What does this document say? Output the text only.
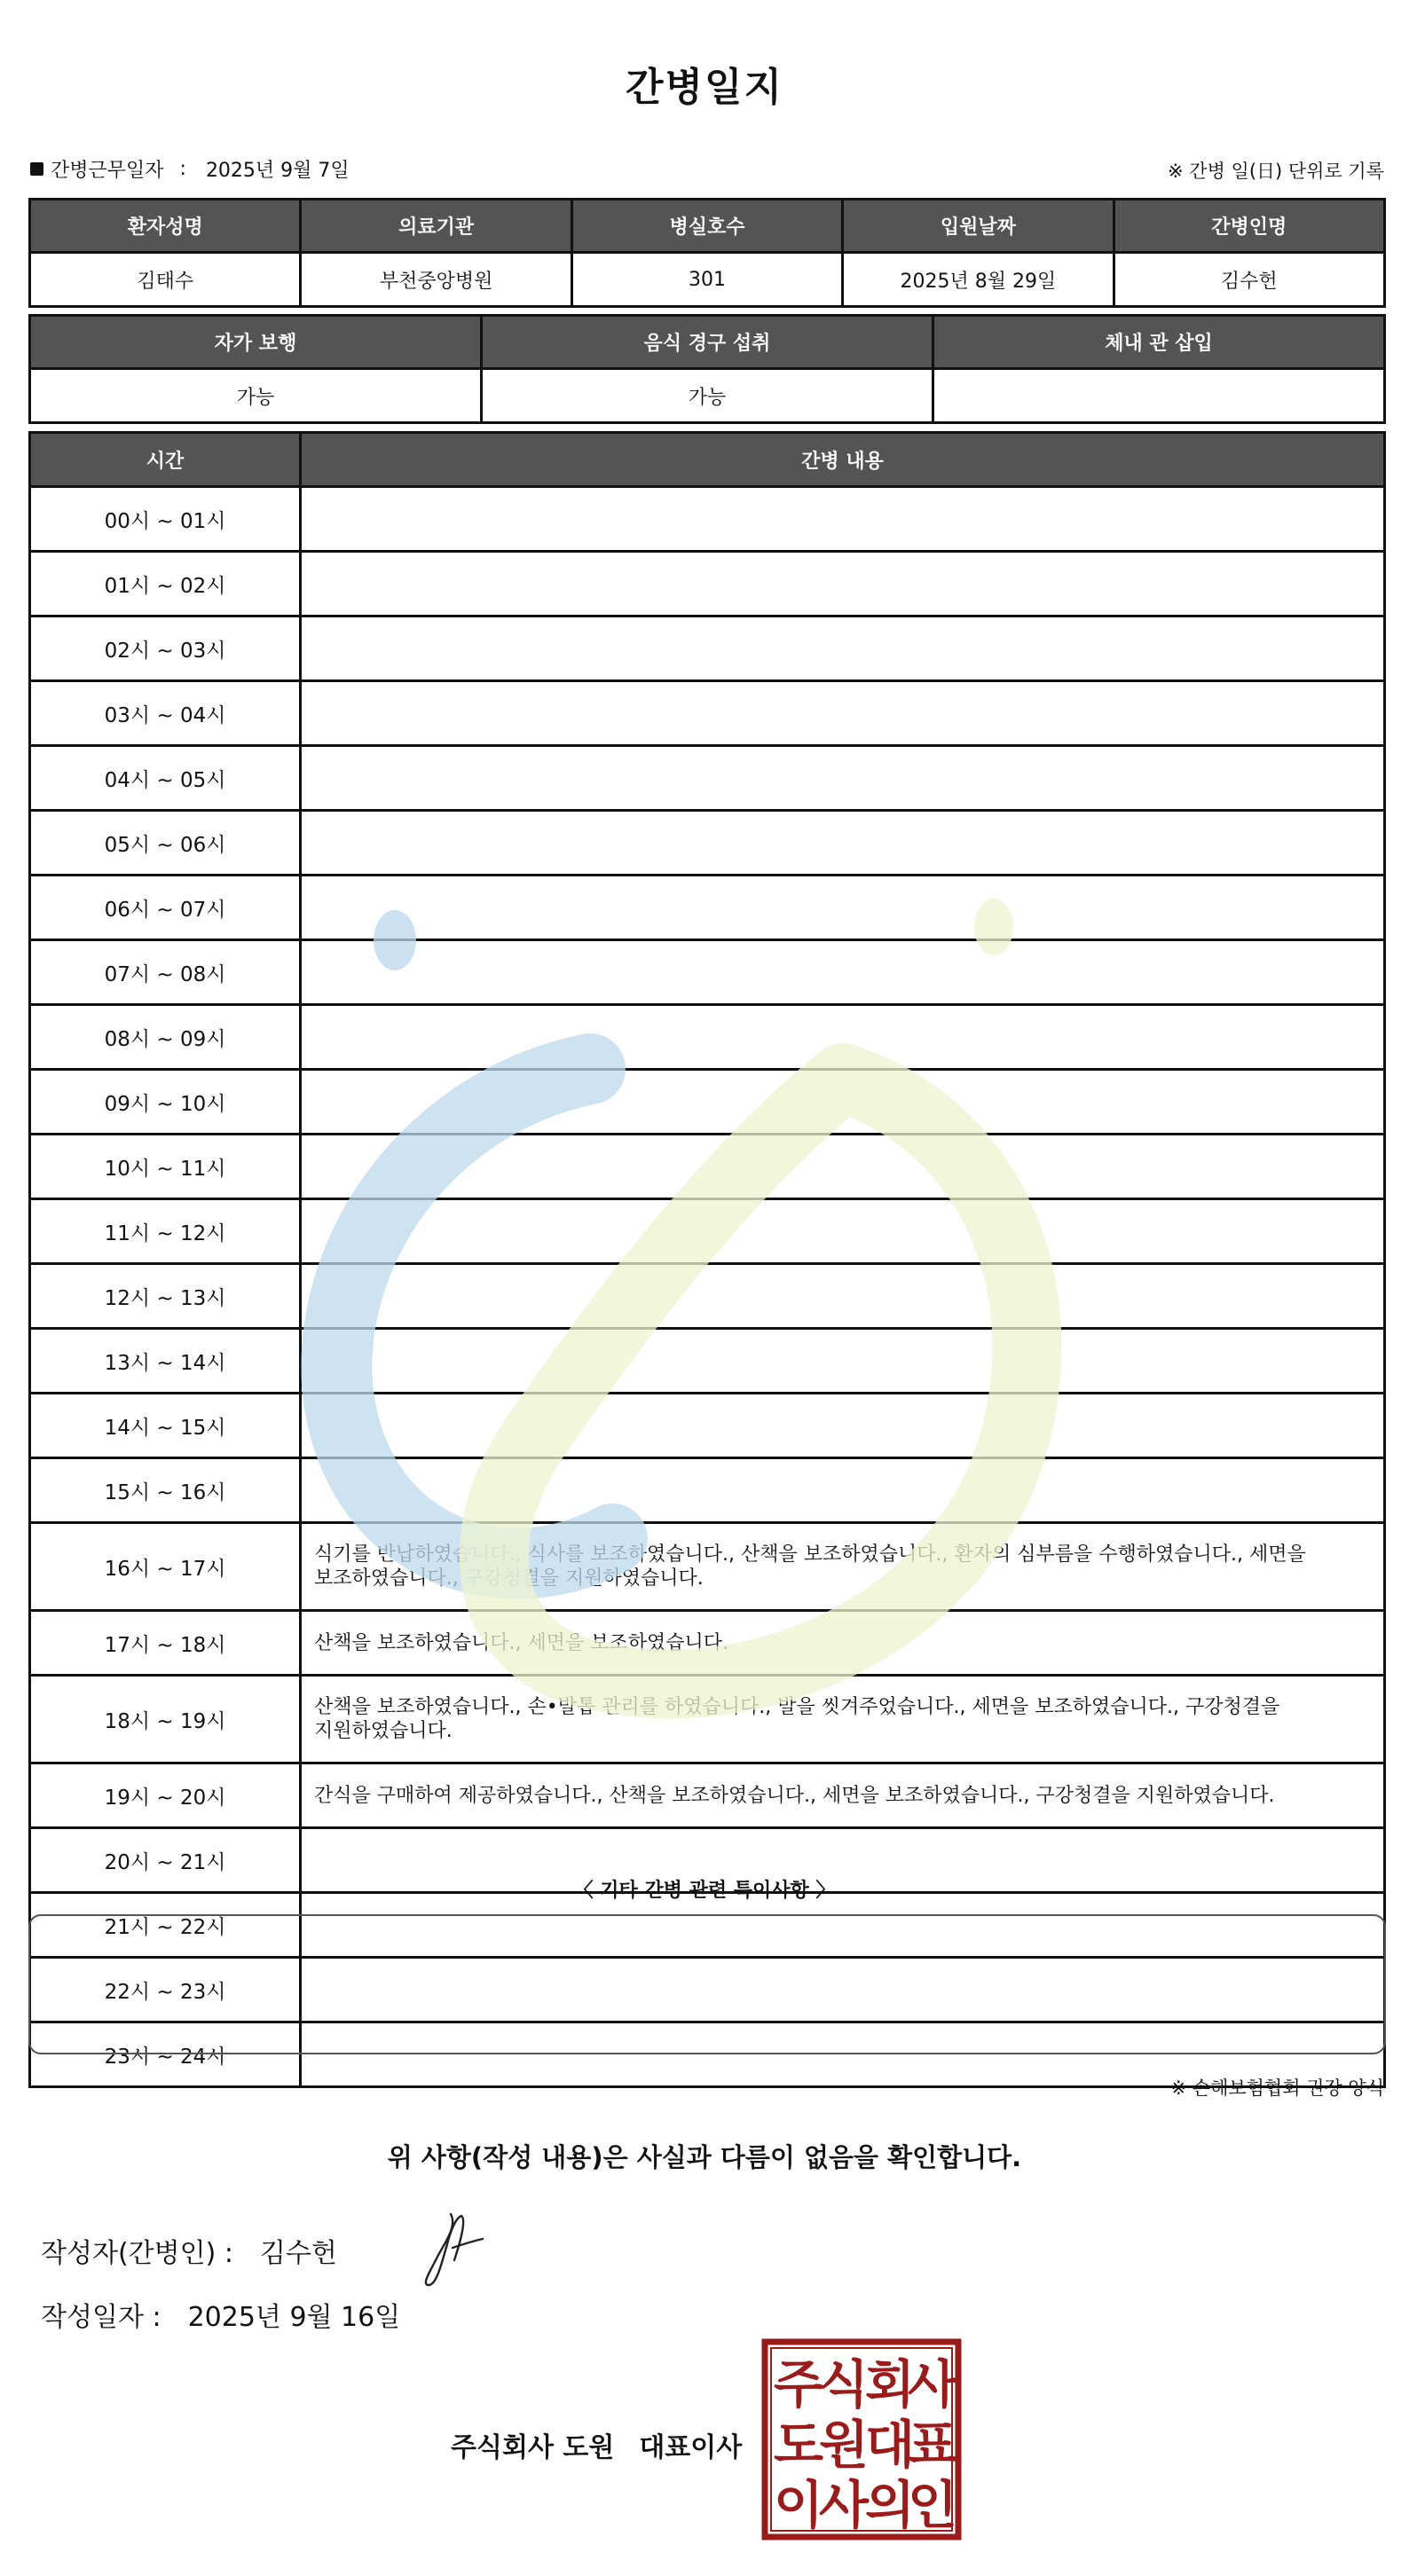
간병일지
간병근무일자 : 2025년 9월 7일	※ 간병 일(日) 단위로 기록
환자성명	의료기관	병실호수	입원날짜	간병인명
김태수	부천중앙병원	301	2025년 8월 29일	김수헌
자가 보행	음식 경구 섭취	체내 관 삽입
가능	가능	
시간	간병 내용
00시 ~ 01시	
01시 ~ 02시	
02시 ~ 03시	
03시 ~ 04시	
04시 ~ 05시	
05시 ~ 06시	
06시 ~ 07시	
07시 ~ 08시	
08시 ~ 09시	
09시 ~ 10시	
10시 ~ 11시	
11시 ~ 12시	
12시 ~ 13시	
13시 ~ 14시	
14시 ~ 15시	
15시 ~ 16시	
16시 ~ 17시	식기를 반납하였습니다., 식사를 보조하였습니다., 산책을 보조하였습니다., 환자의 심부름을 수행하였습니다., 세면을 보조하였습니다., 구강청결을 지원하였습니다.
17시 ~ 18시	산책을 보조하였습니다., 세면을 보조하였습니다.
18시 ~ 19시	산책을 보조하였습니다., 손•발톱 관리를 하였습니다., 발을 씻겨주었습니다., 세면을 보조하였습니다., 구강청결을 지원하였습니다.
19시 ~ 20시	간식을 구매하여 제공하였습니다., 산책을 보조하였습니다., 세면을 보조하였습니다., 구강청결을 지원하였습니다.
20시 ~ 21시	
21시 ~ 22시	
22시 ~ 23시	
23시 ~ 24시	
〈 기타 간병 관련 특이사항 〉
※ 손해보험협회 권장 양식
위 사항(작성 내용)은 사실과 다름이 없음을 확인합니다.
작성자(간병인) : 김수헌
작성일자 : 2025년 9월 16일
주식회사 도원 대표이사
주
식
회
사
도
원
대
표
이
사
의
인
